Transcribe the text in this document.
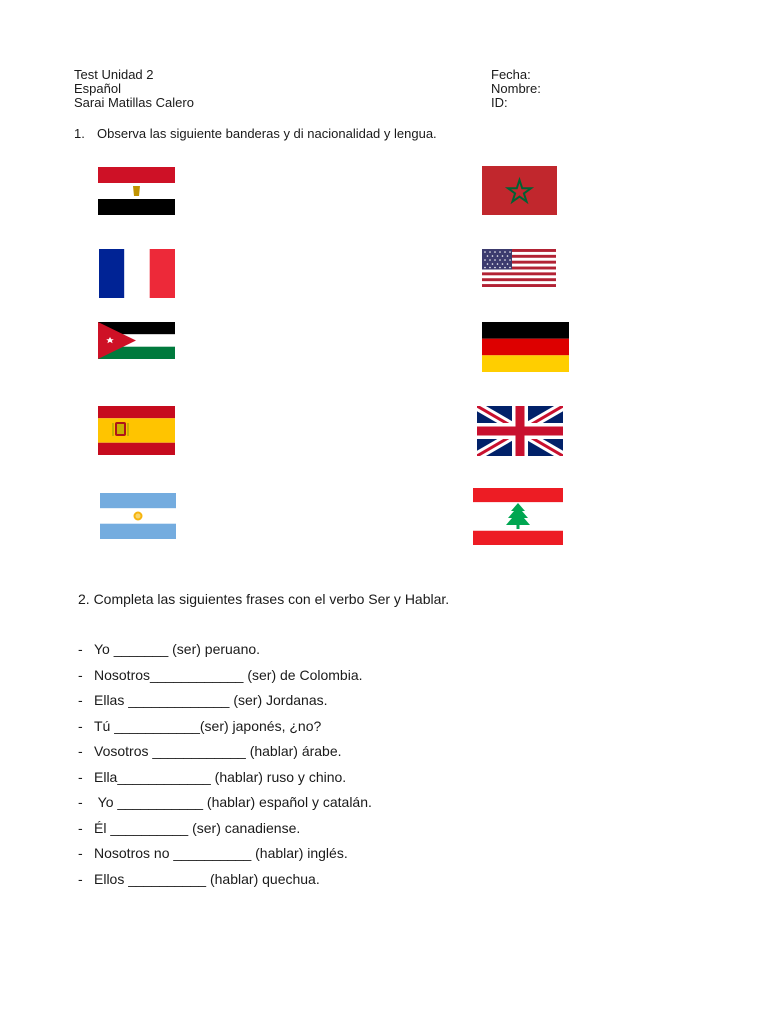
Test Unidad 2
Español
Sarai Matillas Calero
Fecha:
Nombre:
ID:
1. Observa las siguiente banderas y di nacionalidad y lengua.
2. Completa las siguientes frases con el verbo Ser y Hablar.
- Yo _______ (ser) peruano.
- Nosotros____________ (ser) de Colombia.
- Ellas _____________ (ser) Jordanas.
- Tú ___________(ser) japonés, ¿no?
- Vosotros ____________ (hablar) árabe.
- Ella____________ (hablar) ruso y chino.
- Yo ___________ (hablar) español y catalán.
- Él __________ (ser) canadiense.
- Nosotros no __________ (hablar) inglés.
- Ellos __________ (hablar) quechua.
